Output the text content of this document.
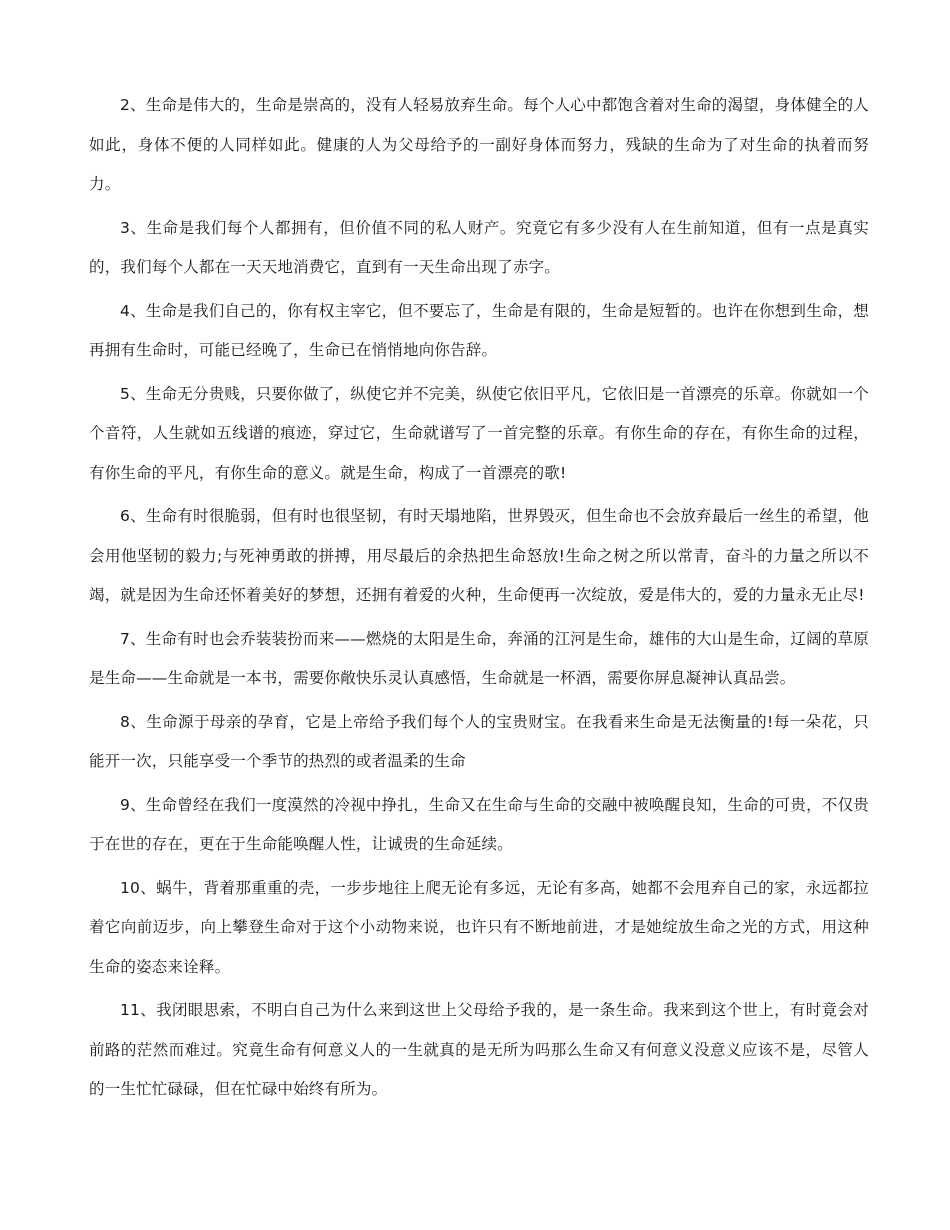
2、生命是伟大的，生命是崇高的，没有人轻易放弃生命。每个人心中都饱含着对生命的渴望，身体健全的人如此，身体不便的人同样如此。健康的人为父母给予的一副好身体而努力，残缺的生命为了对生命的执着而努力。

3、生命是我们每个人都拥有，但价值不同的私人财产。究竟它有多少没有人在生前知道，但有一点是真实的，我们每个人都在一天天地消费它，直到有一天生命出现了赤字。

4、生命是我们自己的，你有权主宰它，但不要忘了，生命是有限的，生命是短暂的。也许在你想到生命，想再拥有生命时，可能已经晚了，生命已在悄悄地向你告辞。

5、生命无分贵贱，只要你做了，纵使它并不完美，纵使它依旧平凡，它依旧是一首漂亮的乐章。你就如一个个音符，人生就如五线谱的痕迹，穿过它，生命就谱写了一首完整的乐章。有你生命的存在，有你生命的过程，有你生命的平凡，有你生命的意义。就是生命，构成了一首漂亮的歌!

6、生命有时很脆弱，但有时也很坚韧，有时天塌地陷，世界毁灭，但生命也不会放弃最后一丝生的希望，他会用他坚韧的毅力;与死神勇敢的拼搏，用尽最后的余热把生命怒放!生命之树之所以常青，奋斗的力量之所以不竭，就是因为生命还怀着美好的梦想，还拥有着爱的火种，生命便再一次绽放，爱是伟大的，爱的力量永无止尽!

7、生命有时也会乔装装扮而来——燃烧的太阳是生命，奔涌的江河是生命，雄伟的大山是生命，辽阔的草原是生命——生命就是一本书，需要你敞快乐灵认真感悟，生命就是一杯酒，需要你屏息凝神认真品尝。

8、生命源于母亲的孕育，它是上帝给予我们每个人的宝贵财宝。在我看来生命是无法衡量的!每一朵花，只能开一次，只能享受一个季节的热烈的或者温柔的生命

9、生命曾经在我们一度漠然的冷视中挣扎，生命又在生命与生命的交融中被唤醒良知，生命的可贵，不仅贵于在世的存在，更在于生命能唤醒人性，让诚贵的生命延续。

10、蜗牛，背着那重重的壳，一步步地往上爬无论有多远，无论有多高，她都不会甩弃自己的家，永远都拉着它向前迈步，向上攀登生命对于这个小动物来说，也许只有不断地前进，才是她绽放生命之光的方式，用这种生命的姿态来诠释。

11、我闭眼思索，不明白自己为什么来到这世上父母给予我的，是一条生命。我来到这个世上，有时竟会对前路的茫然而难过。究竟生命有何意义人的一生就真的是无所为吗那么生命又有何意义没意义应该不是，尽管人的一生忙忙碌碌，但在忙碌中始终有所为。
